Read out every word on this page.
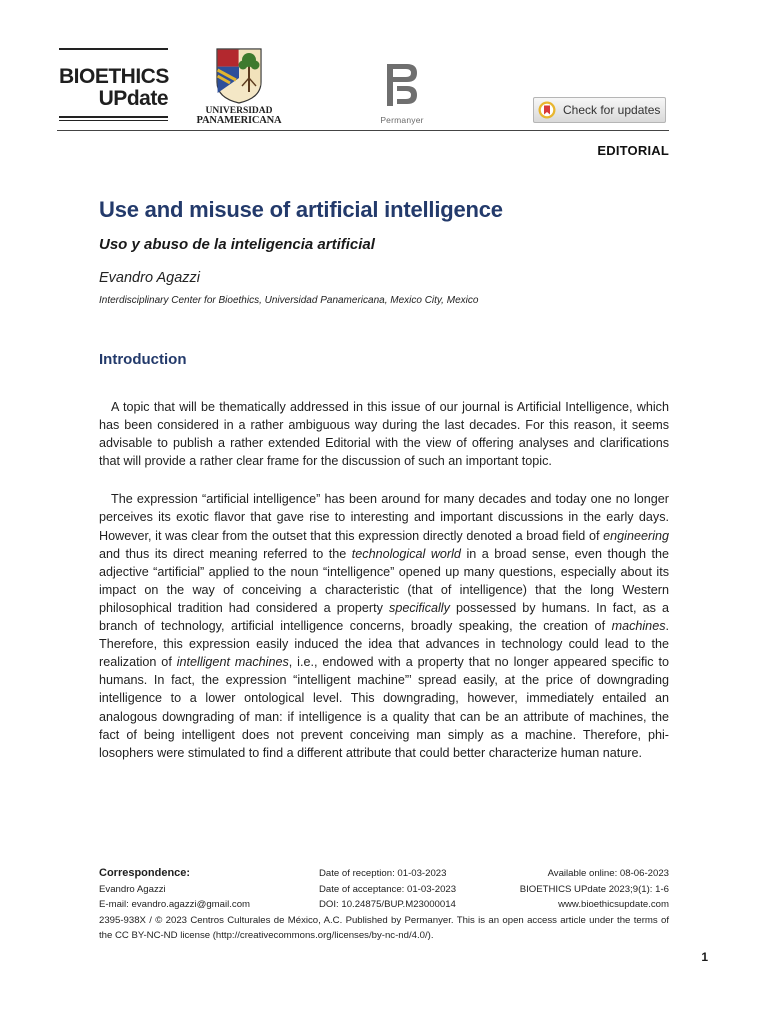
BIOETHICS
UPdate
UNIVERSIDAD
PANAMERICANA	Permanyer
Check for updates
EDITORIAL
Use and misuse of artificial intelligence
Uso y abuso de la inteligencia artificial
Evandro Agazzi
Interdisciplinary Center for Bioethics, Universidad Panamericana, Mexico City, Mexico
Introduction

A topic that will be thematically addressed in this issue of our journal is Artificial Intelligence, which has been considered in a rather ambiguous way during the last decades. For this reason, it seems advisable to publish a rather extended Editorial with the view of offering analyses and clarifications that will provide a rather clear frame for the discussion of such an important topic.

The expression “artificial intelligence” has been around for many decades and today one no longer perceives its exotic flavor that gave rise to interesting and important discussions in the early days. However, it was clear from the outset that this expression directly denoted a broad field of engineering and thus its direct meaning referred to the technological world in a broad sense, even though the adjective “artificial” applied to the noun “intelligence” opened up many questions, especially about its impact on the way of conceiving a characteristic (that of intelligence) that the long Western philosophical tradition had considered a property specifically possessed by humans. In fact, as a branch of technology, artificial intelligence concerns, broadly speaking, the creation of machines. Therefore, this expression easily induced the idea that advances in technology could lead to the realization of intelligent machines, i.e., endowed with a property that no longer appeared specific to humans. In fact, the expression “intelligent machine”’ spread easily, at the price of downgrading intelligence to a lower ontological level. This downgrading, however, immediately entailed an analogous downgrading of man: if intelligence is a quality that can be an attribute of machines, the fact of being intelligent does not prevent conceiving man simply as a machine. Therefore, philosophers were stimulated to find a different attribute that could better characterize human nature.

Correspondence:
Evandro Agazzi
E-mail: evandro.agazzi@gmail.com
Date of reception: 01-03-2023
Date of acceptance: 01-03-2023
DOI: 10.24875/BUP.M23000014
Available online: 08-06-2023
BIOETHICS UPdate 2023;9(1): 1-6
www.bioethicsupdate.com
2395-938X / © 2023 Centros Culturales de México, A.C. Published by Permanyer. This is an open access article under the terms of the CC BY-NC-ND license (http://creativecommons.org/licenses/by-nc-nd/4.0/).
1
